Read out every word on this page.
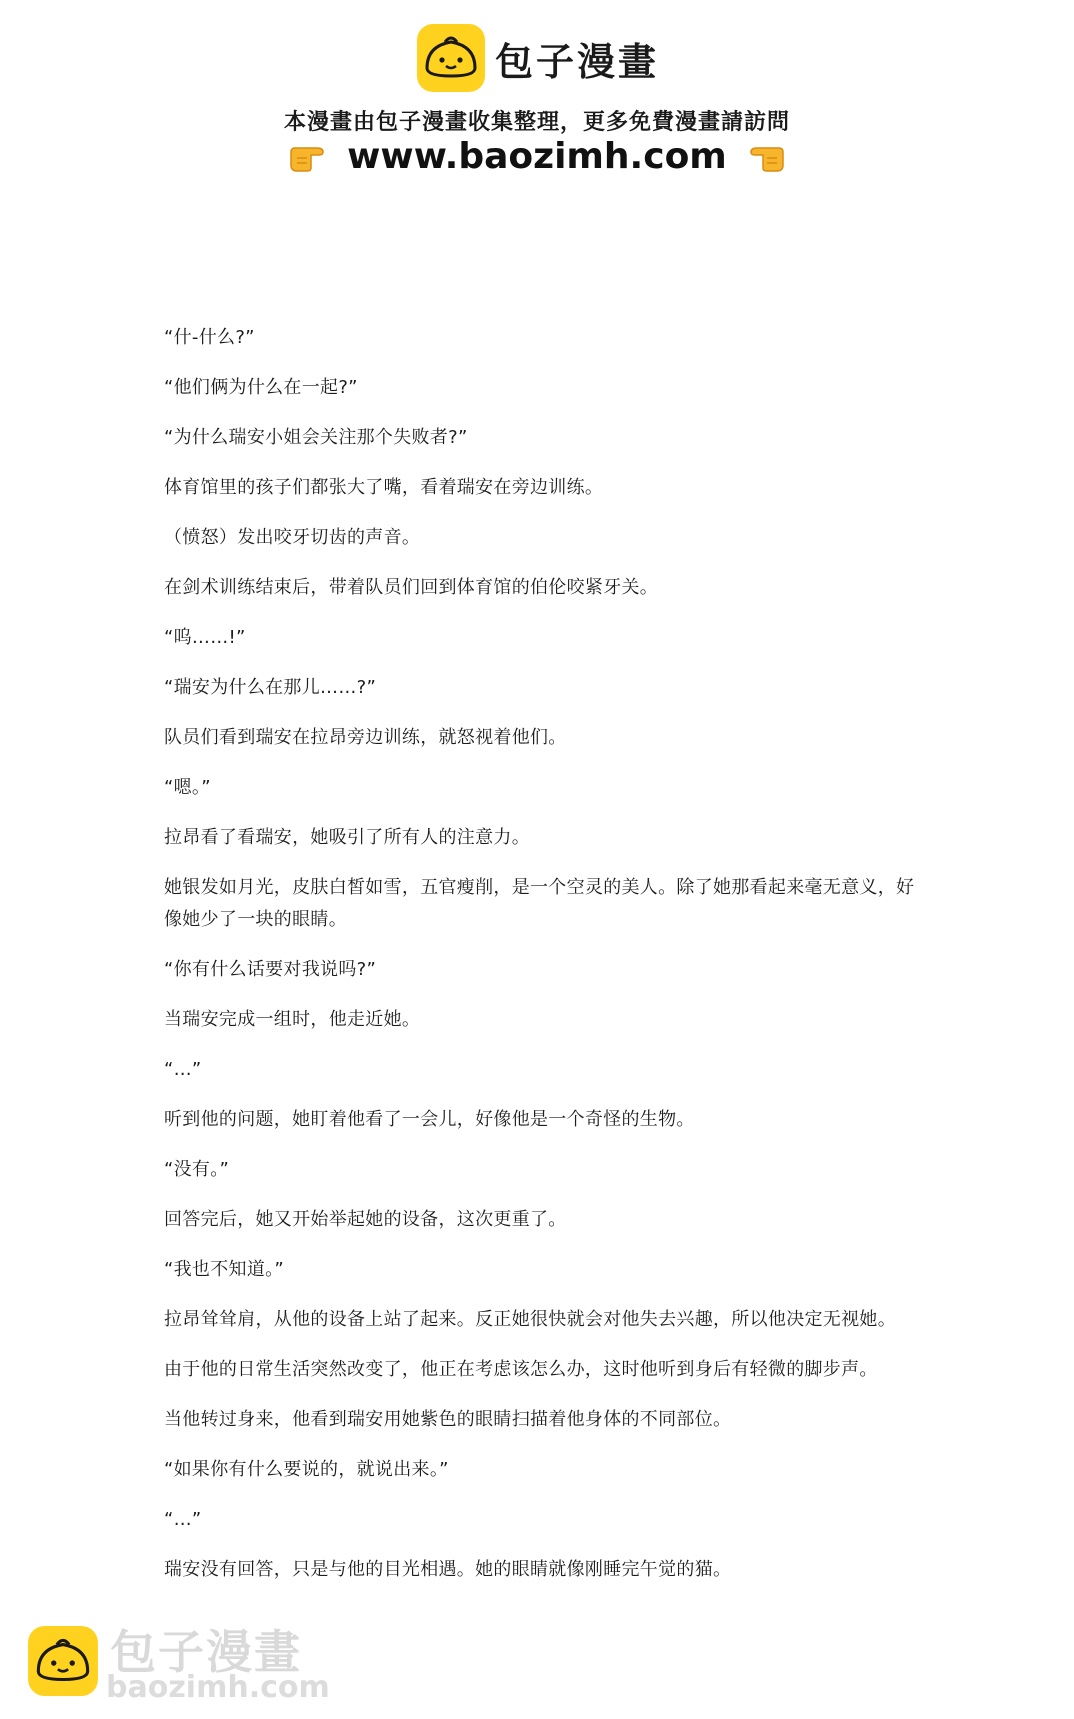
包子漫畫
本漫畫由包子漫畫收集整理，更多免費漫畫請訪問
www.baozimh.com

“什-什么?”

“他们俩为什么在一起?”

“为什么瑞安小姐会关注那个失败者?”

体育馆里的孩子们都张大了嘴，看着瑞安在旁边训练。

（愤怒）发出咬牙切齿的声音。

在剑术训练结束后，带着队员们回到体育馆的伯伦咬紧牙关。

“呜……!”

“瑞安为什么在那儿……?”

队员们看到瑞安在拉昂旁边训练，就怒视着他们。

“嗯。”

拉昂看了看瑞安，她吸引了所有人的注意力。

她银发如月光，皮肤白皙如雪，五官瘦削，是一个空灵的美人。除了她那看起来毫无意义，好像她少了一块的眼睛。

“你有什么话要对我说吗?”

当瑞安完成一组时，他走近她。

“…”

听到他的问题，她盯着他看了一会儿，好像他是一个奇怪的生物。

“没有。”

回答完后，她又开始举起她的设备，这次更重了。

“我也不知道。”

拉昂耸耸肩，从他的设备上站了起来。反正她很快就会对他失去兴趣，所以他决定无视她。

由于他的日常生活突然改变了，他正在考虑该怎么办，这时他听到身后有轻微的脚步声。

当他转过身来，他看到瑞安用她紫色的眼睛扫描着他身体的不同部位。

“如果你有什么要说的，就说出来。”

“…”

瑞安没有回答，只是与他的目光相遇。她的眼睛就像刚睡完午觉的猫。

包子漫畫
baozimh.com
